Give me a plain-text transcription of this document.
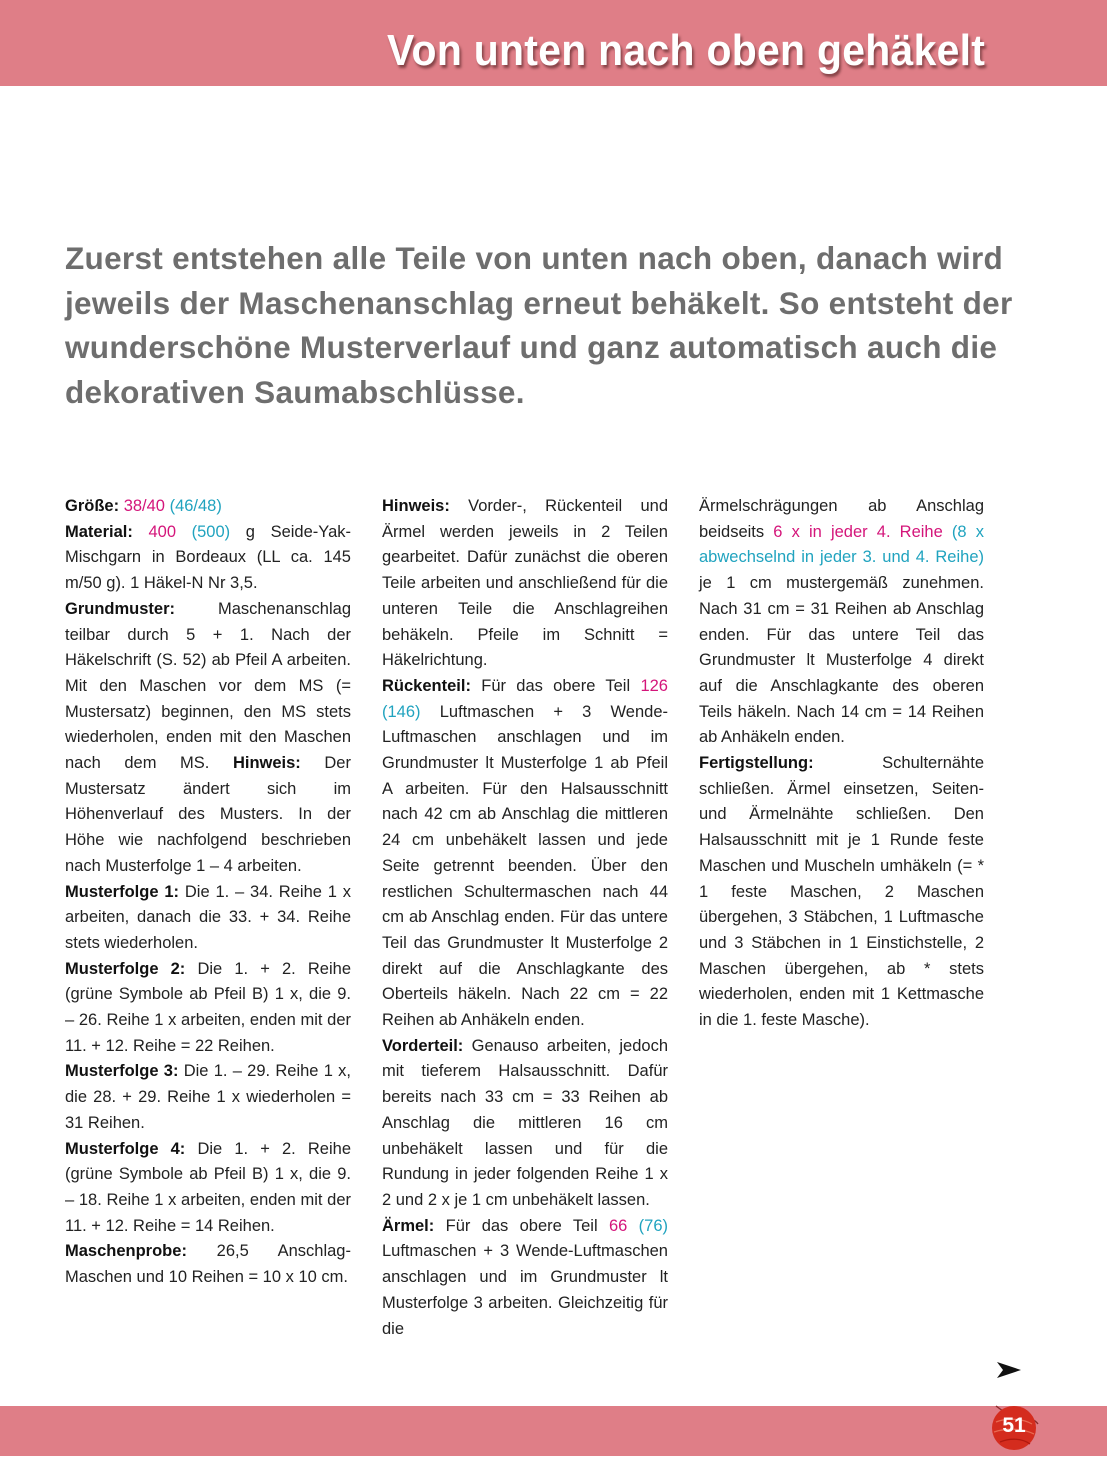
Von unten nach oben gehäkelt

Zuerst entstehen alle Teile von unten nach oben, danach wird jeweils der Maschenanschlag erneut behäkelt. So entsteht der wunderschöne Musterverlauf und ganz automatisch auch die dekorativen Saumabschlüsse.

Größe: 38/40 (46/48)

Material: 400 (500) g Seide-Yak-Mischgarn in Bordeaux (LL ca. 145 m/50 g). 1 Häkel-N Nr 3,5.

Grundmuster:	Maschenanschlag teilbar durch 5 + 1. Nach der Häkelschrift (S. 52) ab Pfeil A arbeiten. Mit den Maschen vor dem MS (= Mustersatz) beginnen, den MS stets wiederholen, enden mit den Maschen nach dem MS. Hinweis: Der Mustersatz ändert sich im Höhenverlauf des Musters. In der Höhe wie nachfolgend beschrieben nach Musterfolge 1 – 4 arbeiten.

Musterfolge 1: Die 1. – 34. Reihe 1 x arbeiten, danach die 33. + 34. Reihe stets wiederholen.

Musterfolge 2: Die 1. + 2. Reihe (grüne Symbole ab Pfeil B) 1 x, die 9. – 26. Reihe 1 x arbeiten, enden mit der 11. + 12. Reihe = 22 Reihen.

Musterfolge 3: Die 1. – 29. Reihe 1 x, die 28. + 29. Reihe 1 x wiederholen = 31 Reihen.

Musterfolge 4: Die 1. + 2. Reihe (grüne Symbole ab Pfeil B) 1 x, die 9. – 18. Reihe 1 x arbeiten, enden mit der 11. + 12. Reihe = 14 Reihen.

Maschenprobe: 26,5 Anschlag-Maschen und 10 Reihen = 10 x 10 cm.

Hinweis: Vorder-, Rückenteil und Ärmel werden jeweils in 2 Teilen gearbeitet. Dafür zunächst die oberen Teile arbeiten und anschließend für die unteren Teile die Anschlagreihen behäkeln. Pfeile im Schnitt = Häkelrichtung.

Rückenteil: Für das obere Teil 126 (146) Luftmaschen + 3 Wende-Luftmaschen anschlagen und im Grundmuster lt Musterfolge 1 ab Pfeil A arbeiten. Für den Halsausschnitt nach 42 cm ab Anschlag die mittleren 24 cm unbehäkelt lassen und jede Seite getrennt beenden. Über den restlichen Schultermaschen nach 44 cm ab Anschlag enden. Für das untere Teil das Grundmuster lt Musterfolge 2 direkt auf die Anschlagkante des Oberteils häkeln. Nach 22 cm = 22 Reihen ab Anhäkeln enden.

Vorderteil: Genauso arbeiten, jedoch mit tieferem Halsausschnitt. Dafür bereits nach 33 cm = 33 Reihen ab Anschlag die mittleren 16 cm unbehäkelt lassen und für die Rundung in jeder folgenden Reihe 1 x 2 und 2 x je 1 cm unbehäkelt lassen.

Ärmel: Für das obere Teil 66 (76) Luftmaschen + 3 Wende-Luftmaschen anschlagen und im Grundmuster lt Musterfolge 3 arbeiten. Gleichzeitig für die

Ärmelschrägungen ab Anschlag beidseits 6 x in jeder 4. Reihe (8 x abwechselnd in jeder 3. und 4. Reihe) je 1 cm mustergemäß zunehmen. Nach 31 cm = 31 Reihen ab Anschlag enden. Für das untere Teil das Grundmuster lt Musterfolge 4 direkt auf die Anschlagkante des oberen Teils häkeln. Nach 14 cm = 14 Reihen ab Anhäkeln enden.

Fertigstellung:	Schulternähte schließen. Ärmel einsetzen, Seiten- und Ärmelnähte schließen. Den Halsausschnitt mit je 1 Runde feste Maschen und Muscheln umhäkeln (= * 1 feste Maschen, 2 Maschen übergehen, 3 Stäbchen, 1 Luftmasche und 3 Stäbchen in 1 Einstichstelle, 2 Maschen übergehen, ab * stets wiederholen, enden mit 1 Kettmasche in die 1. feste Masche).

51
